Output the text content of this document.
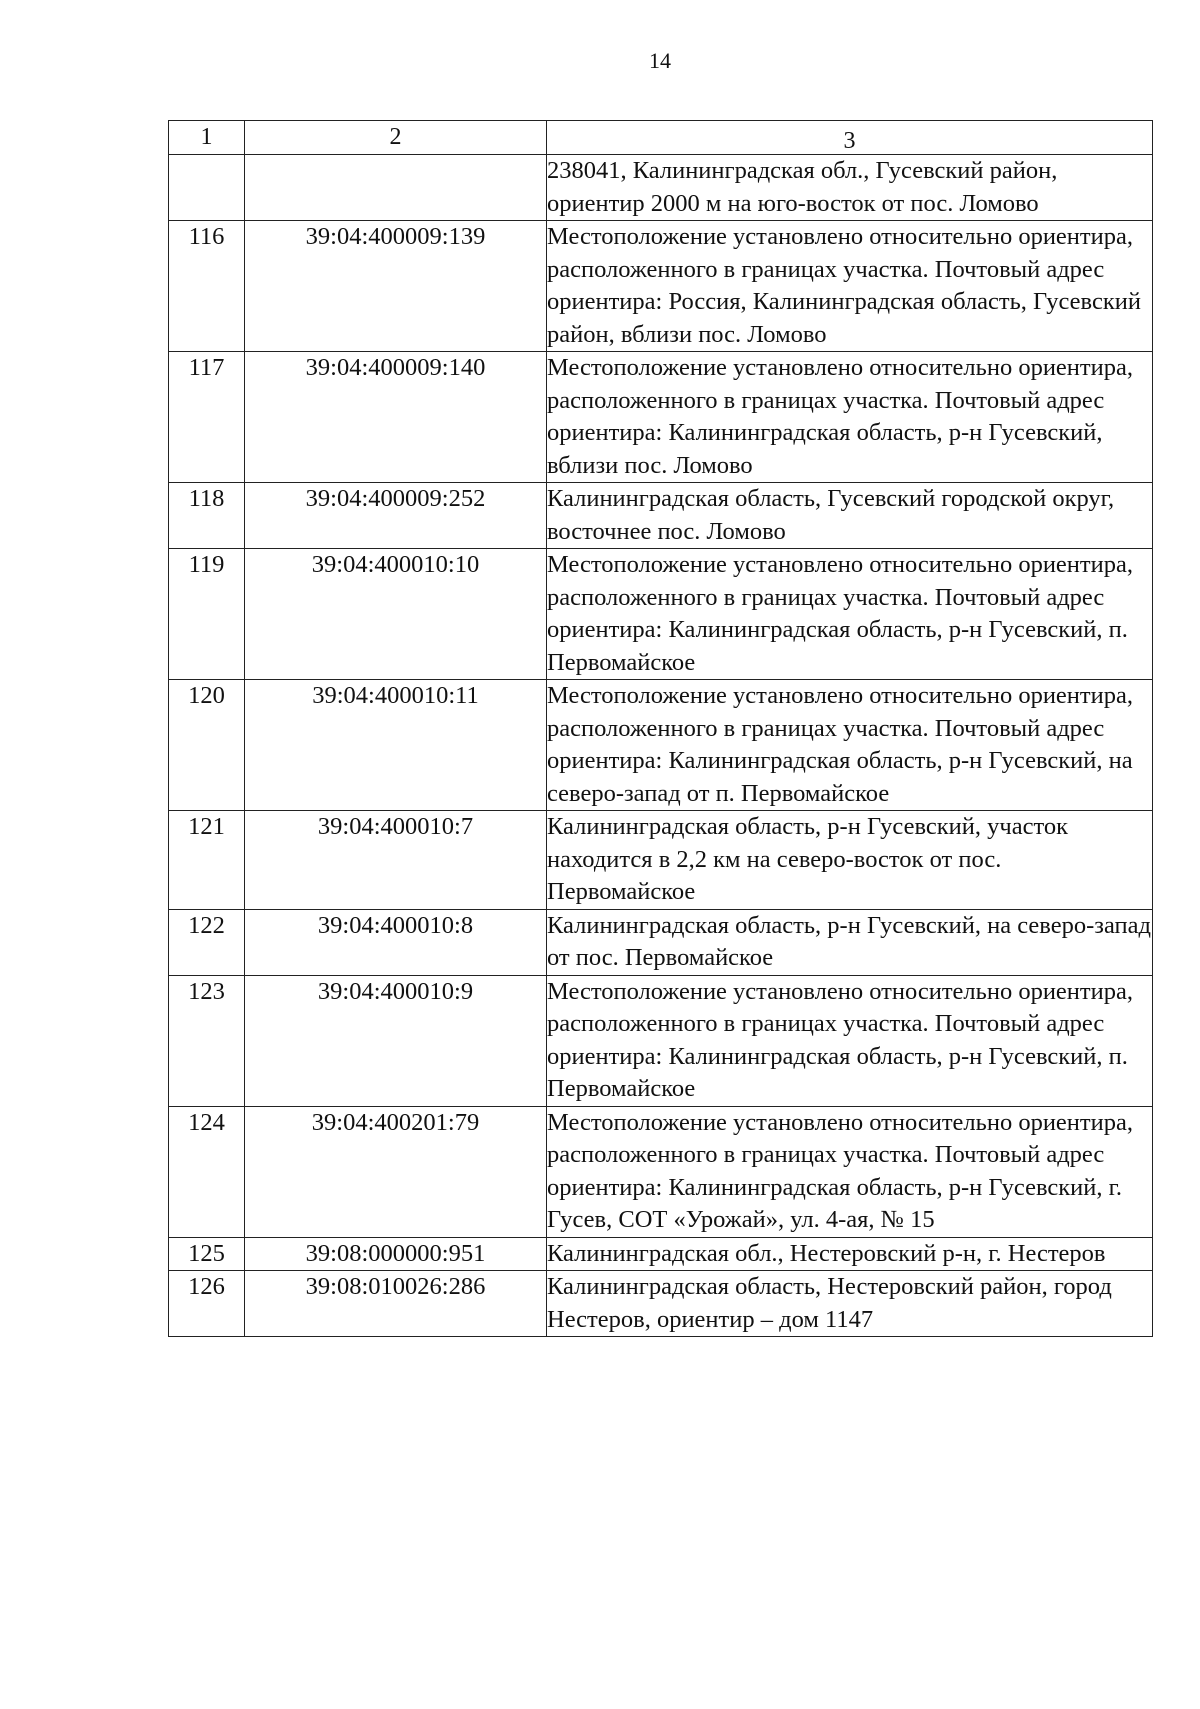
14
1	2	3
		238041, Калининградская обл., Гусевский район, ориентир 2000 м на юго-восток от пос. Ломово
116	39:04:400009:139	Местоположение установлено относительно ориентира, расположенного в границах участка. Почтовый адрес ориентира: Россия, Калининградская область, Гусевский район, вблизи пос. Ломово
117	39:04:400009:140	Местоположение установлено относительно ориентира, расположенного в границах участка. Почтовый адрес ориентира: Калининградская область, р-н Гусевский, вблизи пос. Ломово
118	39:04:400009:252	Калининградская область, Гусевский городской округ, восточнее пос. Ломово
119	39:04:400010:10	Местоположение установлено относительно ориентира, расположенного в границах участка. Почтовый адрес ориентира: Калининградская область, р-н Гусевский, п. Первомайское
120	39:04:400010:11	Местоположение установлено относительно ориентира, расположенного в границах участка. Почтовый адрес ориентира: Калининградская область, р-н Гусевский, на северо-запад от п. Первомайское
121	39:04:400010:7	Калининградская область, р-н Гусевский, участок находится в 2,2 км на северо-восток от пос. Первомайское
122	39:04:400010:8	Калининградская область, р-н Гусевский, на северо-запад от пос. Первомайское
123	39:04:400010:9	Местоположение установлено относительно ориентира, расположенного в границах участка. Почтовый адрес ориентира: Калининградская область, р-н Гусевский, п. Первомайское
124	39:04:400201:79	Местоположение установлено относительно ориентира, расположенного в границах участка. Почтовый адрес ориентира: Калининградская область, р-н Гусевский, г. Гусев, СОТ «Урожай», ул. 4-ая, № 15
125	39:08:000000:951	Калининградская обл., Нестеровский р-н, г. Нестеров
126	39:08:010026:286	Калининградская область, Нестеровский район, город Нестеров, ориентир – дом 1147
